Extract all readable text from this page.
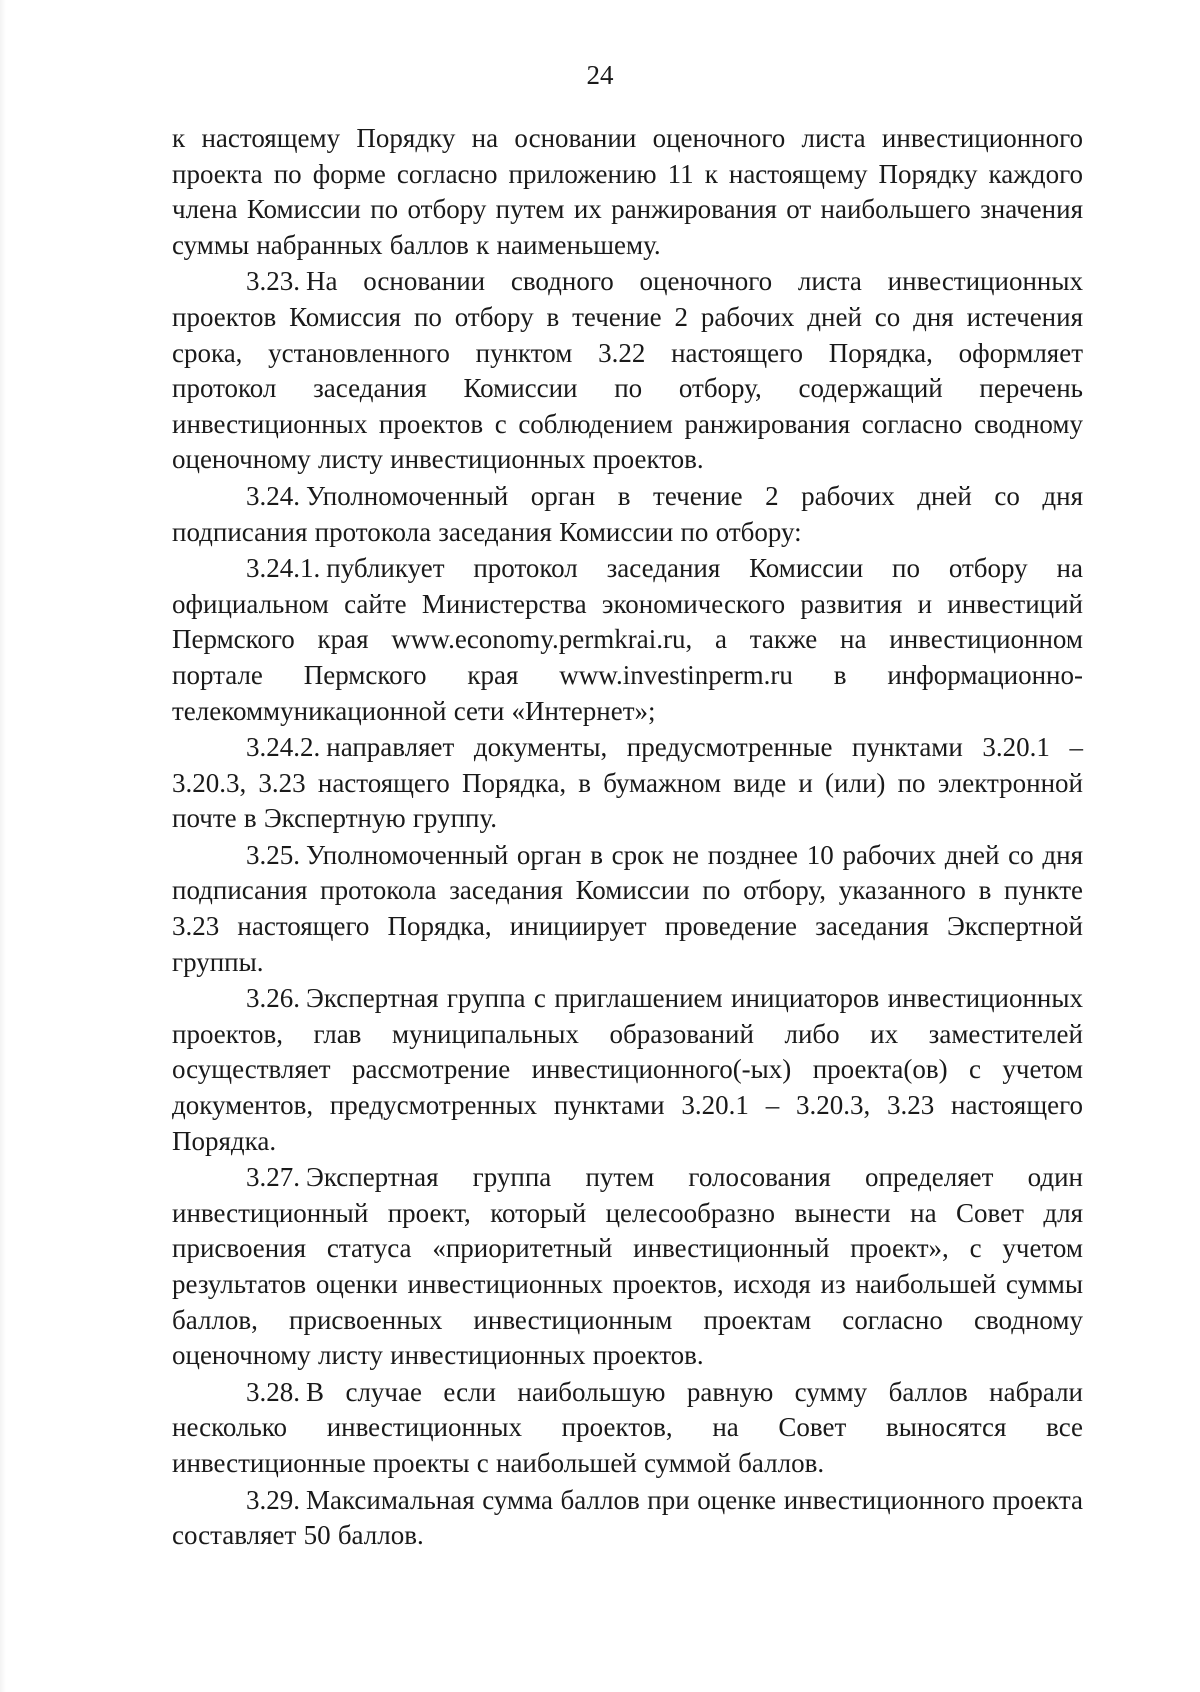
24

к настоящему Порядку на основании оценочного листа инвестиционного проекта по форме согласно приложению 11 к настоящему Порядку каждого члена Комиссии по отбору путем их ранжирования от наибольшего значения суммы набранных баллов к наименьшему.

3.23. На основании сводного оценочного листа инвестиционных проектов Комиссия по отбору в течение 2 рабочих дней со дня истечения срока, установленного пунктом 3.22 настоящего Порядка, оформляет протокол заседания Комиссии по отбору, содержащий перечень инвестиционных проектов с соблюдением ранжирования согласно сводному оценочному листу инвестиционных проектов.

3.24. Уполномоченный орган в течение 2 рабочих дней со дня подписания протокола заседания Комиссии по отбору:

3.24.1. публикует протокол заседания Комиссии по отбору на официальном сайте Министерства экономического развития и инвестиций Пермского края www.economy.permkrai.ru, а также на инвестиционном портале Пермского края www.investinperm.ru в информационно-телекоммуникационной сети «Интернет»;

3.24.2. направляет документы, предусмотренные пунктами 3.20.1 – 3.20.3, 3.23 настоящего Порядка, в бумажном виде и (или) по электронной почте в Экспертную группу.

3.25. Уполномоченный орган в срок не позднее 10 рабочих дней со дня подписания протокола заседания Комиссии по отбору, указанного в пункте 3.23 настоящего Порядка, инициирует проведение заседания Экспертной группы.

3.26. Экспертная группа с приглашением инициаторов инвестиционных проектов, глав муниципальных образований либо их заместителей осуществляет рассмотрение инвестиционного(-ых) проекта(ов) с учетом документов, предусмотренных пунктами 3.20.1 – 3.20.3, 3.23 настоящего Порядка.

3.27. Экспертная группа путем голосования определяет один инвестиционный проект, который целесообразно вынести на Совет для присвоения статуса «приоритетный инвестиционный проект», с учетом результатов оценки инвестиционных проектов, исходя из наибольшей суммы баллов, присвоенных инвестиционным проектам согласно сводному оценочному листу инвестиционных проектов.

3.28. В случае если наибольшую равную сумму баллов набрали несколько инвестиционных проектов, на Совет выносятся все инвестиционные проекты с наибольшей суммой баллов.

3.29. Максимальная сумма баллов при оценке инвестиционного проекта составляет 50 баллов.
